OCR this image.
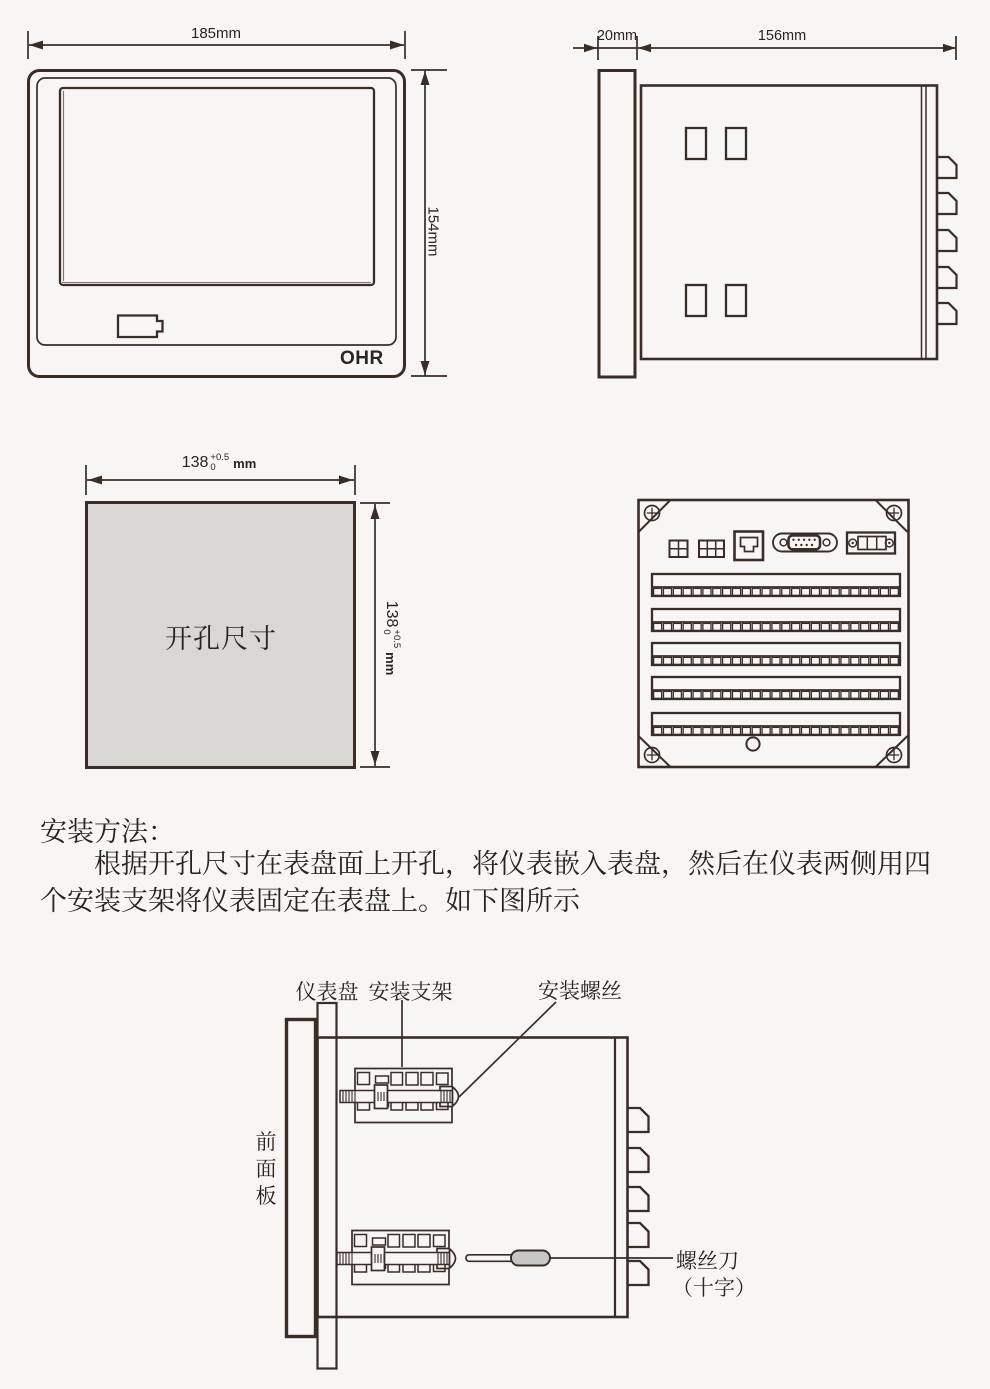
185mm
154mm
OHR
20mm	156mm
138 +0.5
0 mm
138
+0.5
0
mm
开孔尺寸
安装方法：
根据开孔尺寸在表盘面上开孔，将仪表嵌入表盘，然后在仪表两侧用四个安装支架将仪表固定在表盘上。如下图所示
仪表盘 安装支架	安装螺丝
前面板
螺丝刀
（十字）
